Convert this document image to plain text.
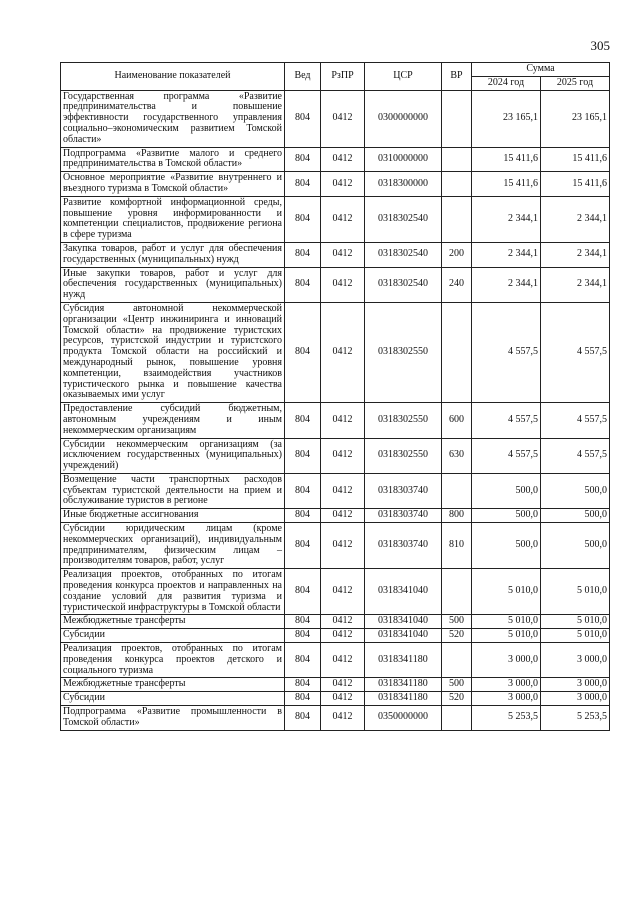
305
Наименование показателей	Вед	РзПР	ЦСР	ВР	Сумма	
					2024 год	2025 год
Государственная программа «Развитие предпринимательства и повышение эффективности государственного управления социально–экономическим развитием Томской области»	804	0412	0300000000		23 165,1	23 165,1
Подпрограмма «Развитие малого и среднего предпринимательства в Томской области»	804	0412	0310000000		15 411,6	15 411,6
Основное мероприятие «Развитие внутреннего и въездного туризма в Томской области»	804	0412	0318300000		15 411,6	15 411,6
Развитие комфортной информационной среды, повышение уровня информированности и компетенции специалистов, продвижение региона в сфере туризма	804	0412	0318302540		2 344,1	2 344,1
Закупка товаров, работ и услуг для обеспечения государственных (муниципальных) нужд	804	0412	0318302540	200	2 344,1	2 344,1
Иные закупки товаров, работ и услуг для обеспечения государственных (муниципальных) нужд	804	0412	0318302540	240	2 344,1	2 344,1
Субсидия автономной некоммерческой организации «Центр инжиниринга и инноваций Томской области» на продвижение туристских ресурсов, туристской индустрии и туристского продукта Томской области на российский и международный рынок, повышение уровня компетенции, взаимодействия участников туристического рынка и повышение качества оказываемых ими услуг	804	0412	0318302550		4 557,5	4 557,5
Предоставление субсидий бюджетным, автономным учреждениям и иным некоммерческим организациям	804	0412	0318302550	600	4 557,5	4 557,5
Субсидии некоммерческим организациям (за исключением государственных (муниципальных) учреждений)	804	0412	0318302550	630	4 557,5	4 557,5
Возмещение части транспортных расходов субъектам туристской деятельности на прием и обслуживание туристов в регионе	804	0412	0318303740		500,0	500,0
Иные бюджетные ассигнования	804	0412	0318303740	800	500,0	500,0
Субсидии юридическим лицам (кроме некоммерческих организаций), индивидуальным предпринимателям, физическим лицам – производителям товаров, работ, услуг	804	0412	0318303740	810	500,0	500,0
Реализация проектов, отобранных по итогам проведения конкурса проектов и направленных на создание условий для развития туризма и туристической инфраструктуры в Томской области	804	0412	0318341040		5 010,0	5 010,0
Межбюджетные трансферты	804	0412	0318341040	500	5 010,0	5 010,0
Субсидии	804	0412	0318341040	520	5 010,0	5 010,0
Реализация проектов, отобранных по итогам проведения конкурса проектов детского и социального туризма	804	0412	0318341180		3 000,0	3 000,0
Межбюджетные трансферты	804	0412	0318341180	500	3 000,0	3 000,0
Субсидии	804	0412	0318341180	520	3 000,0	3 000,0
Подпрограмма «Развитие промышленности в Томской области»	804	0412	0350000000		5 253,5	5 253,5
